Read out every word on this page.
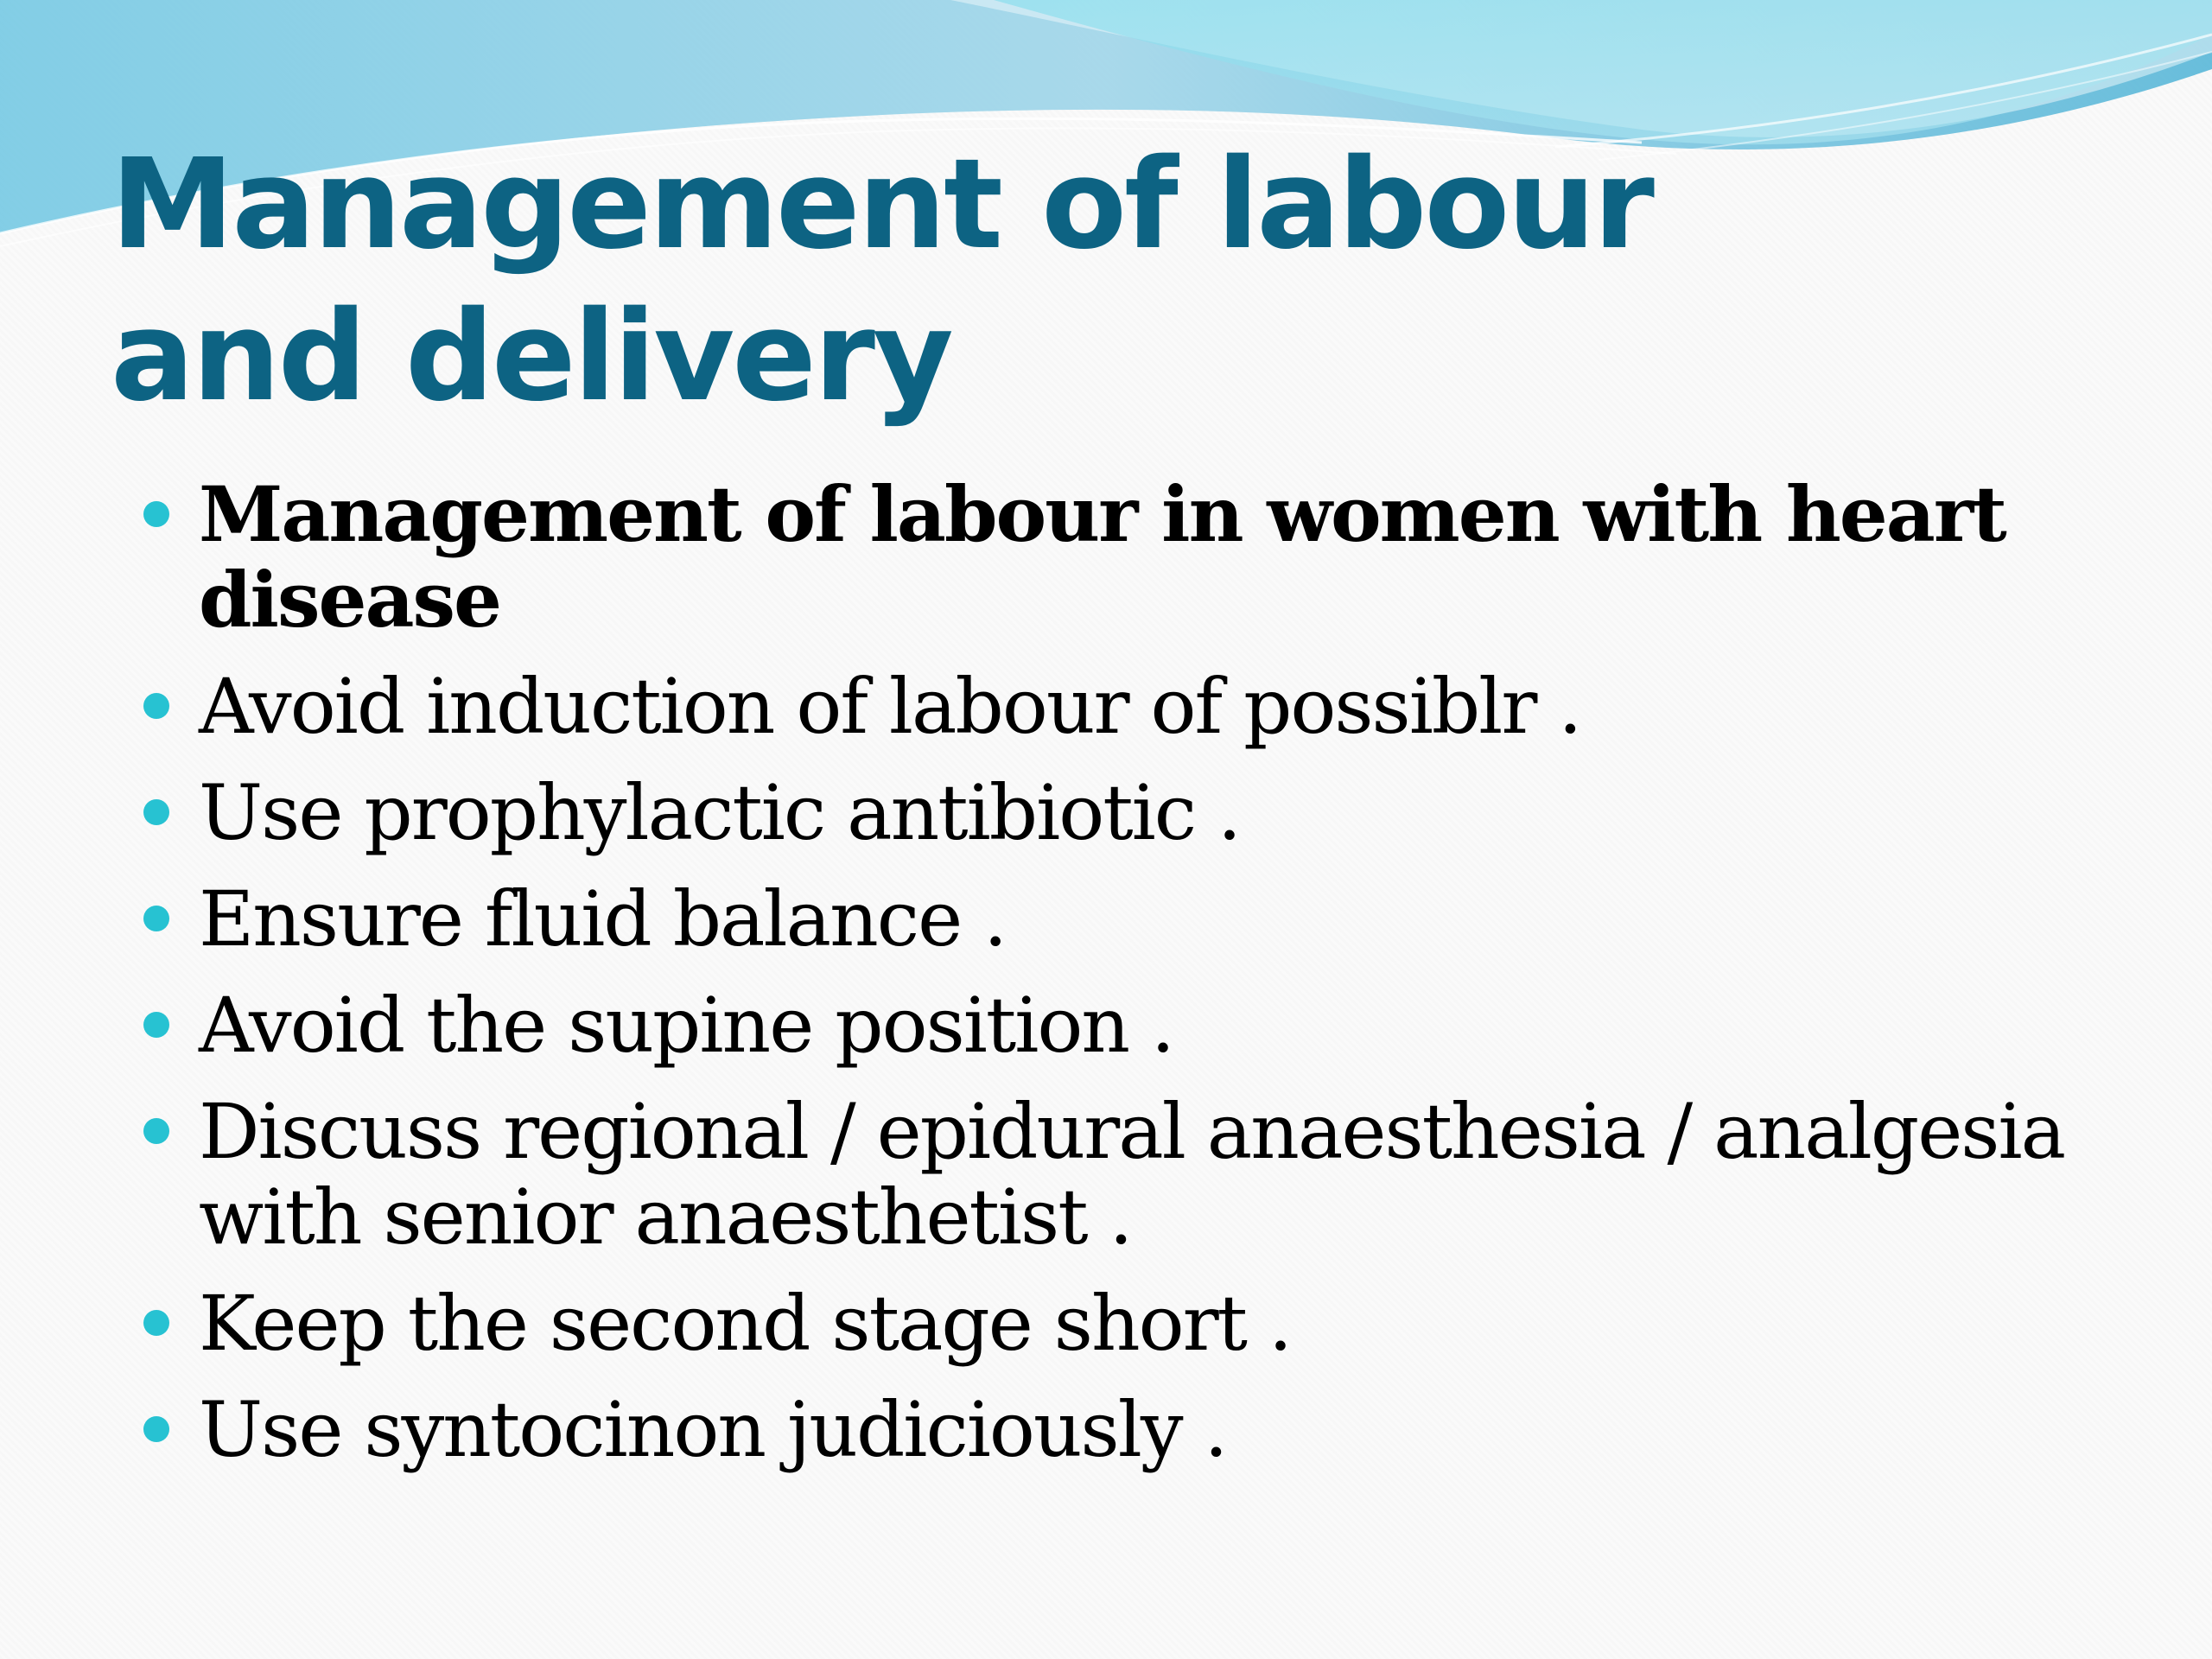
Management of labour and delivery
Management of labour in women with heart disease
Avoid induction of labour of possiblr .
Use prophylactic antibiotic .
Ensure fluid balance .
Avoid the supine position .
Discuss regional / epidural anaesthesia / analgesia with senior anaesthetist .
Keep the second stage short .
Use syntocinon judiciously .
